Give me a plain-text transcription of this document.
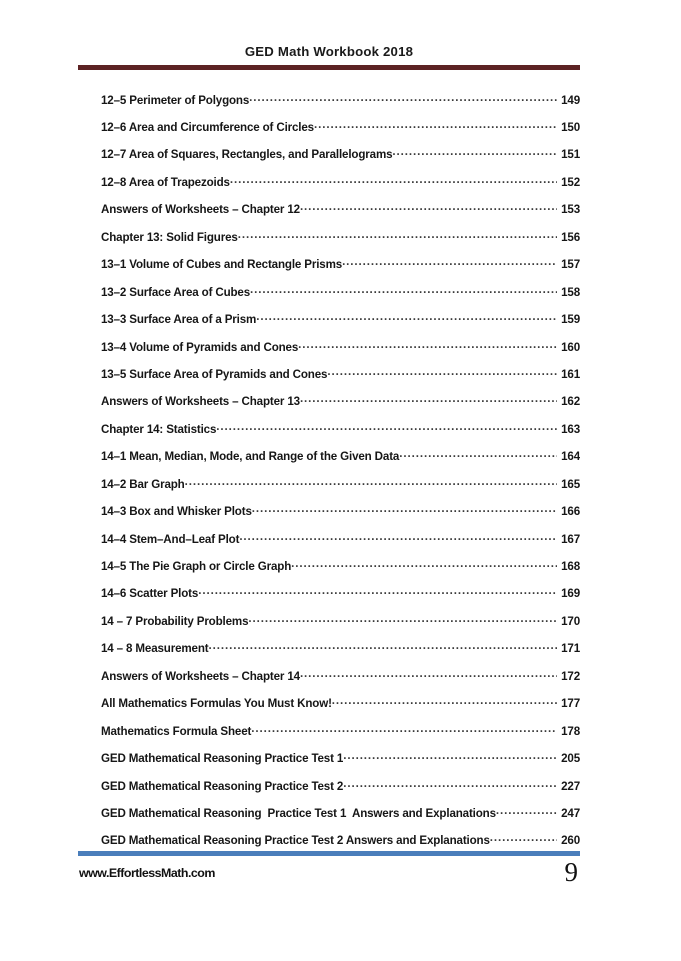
GED Math Workbook 2018
12–5 Perimeter of Polygons .....	149
12–6 Area and Circumference of Circles .....	150
12–7 Area of Squares, Rectangles, and Parallelograms .....	151
12–8 Area of Trapezoids .....	152
Answers of Worksheets – Chapter 12 .....	153
Chapter 13: Solid Figures .....	156
13–1 Volume of Cubes and Rectangle Prisms .....	157
13–2 Surface Area of Cubes .....	158
13–3 Surface Area of a Prism .....	159
13–4 Volume of Pyramids and Cones .....	160
13–5 Surface Area of Pyramids and Cones .....	161
Answers of Worksheets – Chapter 13 .....	162
Chapter 14: Statistics .....	163
14–1 Mean, Median, Mode, and Range of the Given Data .....	164
14–2 Bar Graph .....	165
14–3 Box and Whisker Plots .....	166
14–4 Stem–And–Leaf Plot .....	167
14–5 The Pie Graph or Circle Graph .....	168
14–6 Scatter Plots .....	169
14 – 7 Probability Problems .....	170
14 – 8 Measurement .....	171
Answers of Worksheets – Chapter 14 .....	172
All Mathematics Formulas You Must Know! .....	177
Mathematics Formula Sheet .....	178
GED Mathematical Reasoning Practice Test 1 .....	205
GED Mathematical Reasoning Practice Test 2 .....	227
GED Mathematical Reasoning  Practice Test 1  Answers and Explanations .....	247
GED Mathematical Reasoning Practice Test 2 Answers and Explanations .....	260
www.EffortlessMath.com	9
